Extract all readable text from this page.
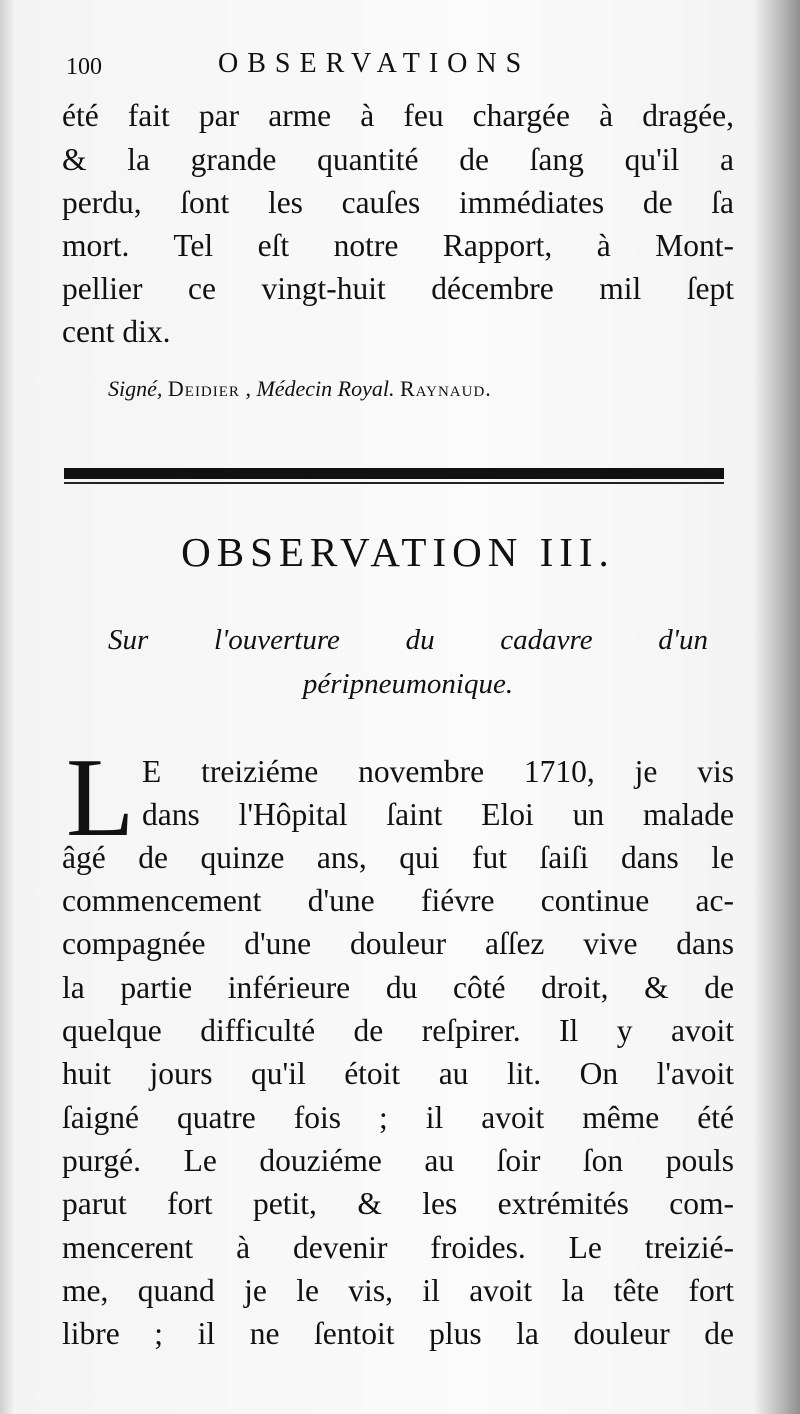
100	OBSERVATIONS
été fait par arme à feu chargée à dragée,
& la grande quantité de ſang qu'il a
perdu, ſont les cauſes immédiates de ſa
mort. Tel eſt notre Rapport, à Mont-
pellier ce vingt-huit décembre mil ſept
cent dix.
Signé, Deidier , Médecin Royal. Raynaud.
OBSERVATION III.
Sur l'ouverture du cadavre d'un
péripneumonique.
L E treiziéme novembre 1710, je vis
dans l'Hôpital ſaint Eloi un malade
âgé de quinze ans, qui fut ſaiſi dans le
commencement d'une fiévre continue ac-
compagnée d'une douleur aſſez vive dans
la partie inférieure du côté droit, & de
quelque difficulté de reſpirer. Il y avoit
huit jours qu'il étoit au lit. On l'avoit
ſaigné quatre fois ; il avoit même été
purgé. Le douziéme au ſoir ſon pouls
parut fort petit, & les extrémités com-
mencerent à devenir froides. Le treizié-
me, quand je le vis, il avoit la tête fort
libre ; il ne ſentoit plus la douleur de
